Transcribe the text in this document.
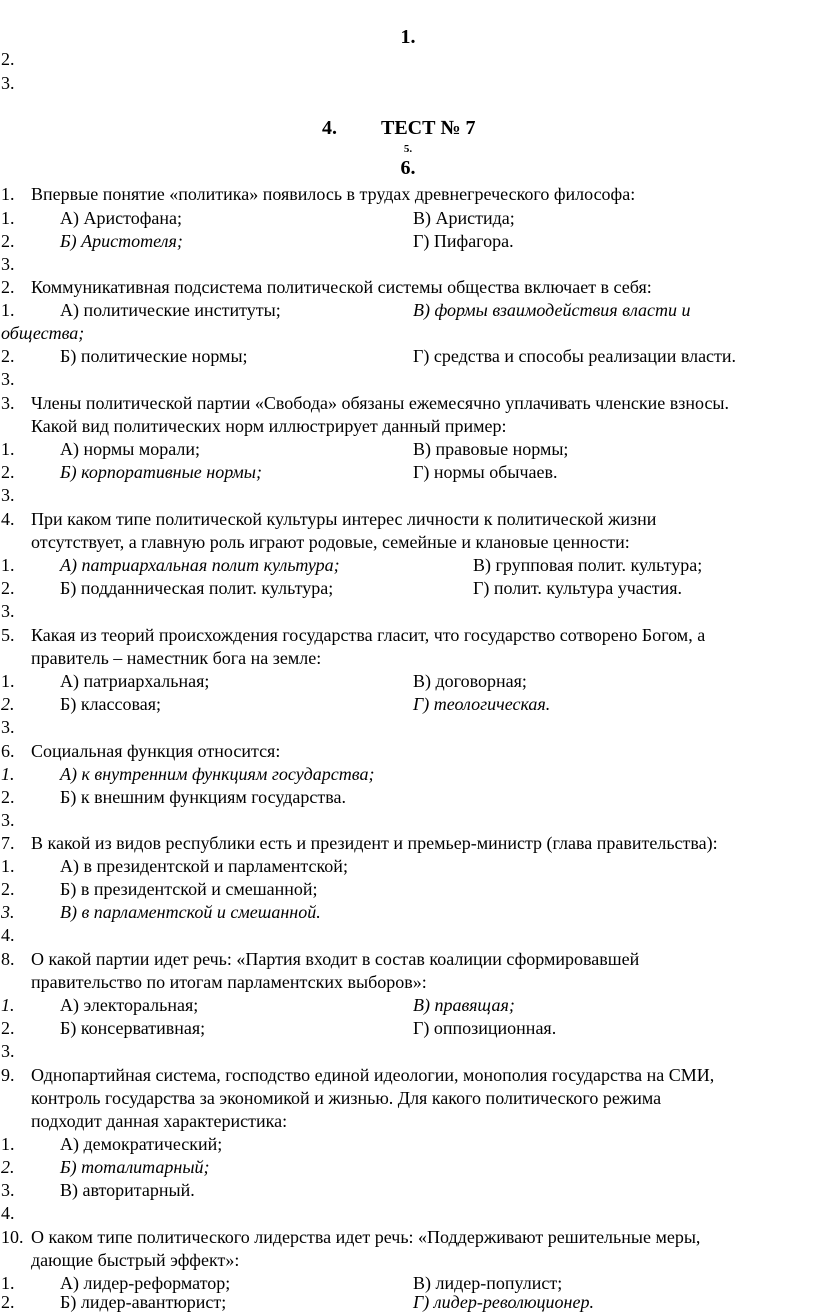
1.
2.
3.
4. ТЕСТ № 7
5.
6.
1. Впервые понятие «политика» появилось в трудах древнегреческого философа:
1.	А) Аристофана;	В) Аристида;
2.	Б) Аристотеля;	Г) Пифагора.
3.
2. Коммуникативная подсистема политической системы общества включает в себя:
1.	А) политические институты;	В) формы взаимодействия власти и
общества;
2.	Б) политические нормы;	Г) средства и способы реализации власти.
3.
3. Члены политической партии «Свобода» обязаны ежемесячно уплачивать членские взносы.
Какой вид политических норм иллюстрирует данный пример:
1.	А) нормы морали;	В) правовые нормы;
2.	Б) корпоративные нормы;	Г) нормы обычаев.
3.
4. При каком типе политической культуры интерес личности к политической жизни
отсутствует, а главную роль играют родовые, семейные и клановые ценности:
1.	А) патриархальная полит культура;	В) групповая полит. культура;
2.	Б) подданническая полит. культура;	Г) полит. культура участия.
3.
5. Какая из теорий происхождения государства гласит, что государство сотворено Богом, а
правитель – наместник бога на земле:
1.	А) патриархальная;	В) договорная;
2.	Б) классовая;	Г) теологическая.
3.
6. Социальная функция относится:
1.	А) к внутренним функциям государства;
2.	Б) к внешним функциям государства.
3.
7. В какой из видов республики есть и президент и премьер-министр (глава правительства):
1.	А) в президентской и парламентской;
2.	Б) в президентской и смешанной;
3.	В) в парламентской и смешанной.
4.
8. О какой партии идет речь: «Партия входит в состав коалиции сформировавшей
правительство по итогам парламентских выборов»:
1.	А) электоральная;	В) правящая;
2.	Б) консервативная;	Г) оппозиционная.
3.
9. Однопартийная система, господство единой идеологии, монополия государства на СМИ,
контроль государства за экономикой и жизнью. Для какого политического режима
подходит данная характеристика:
1.	А) демократический;
2.	Б) тоталитарный;
3.	В) авторитарный.
4.
10. О каком типе политического лидерства идет речь: «Поддерживают решительные меры,
дающие быстрый эффект»:
1.	А) лидер-реформатор;	В) лидер-популист;
2.	Б) лидер-авантюрист;	Г) лидер-революционер.
